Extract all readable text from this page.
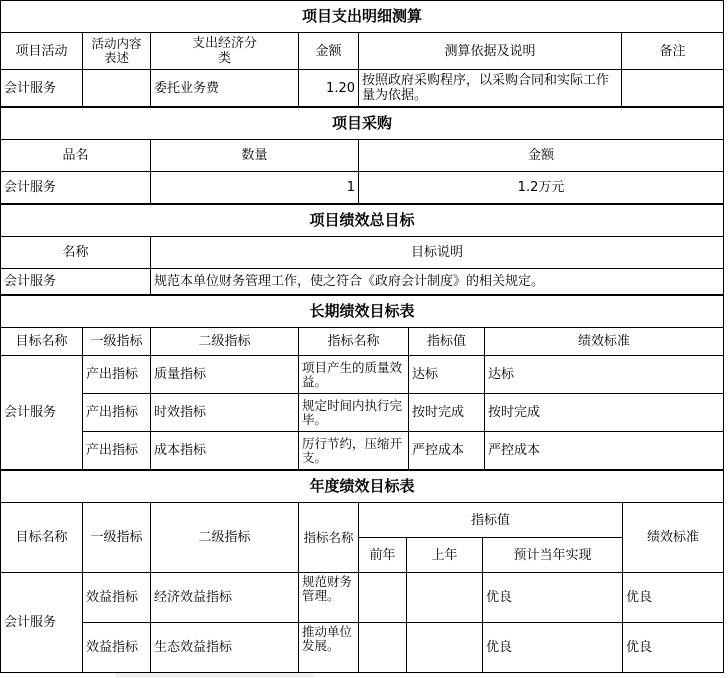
项目支出明细测算					
项目活动	活动内容表述	支出经济分类	金额	测算依据及说明	备注
会计服务		委托业务费	1.20	按照政府采购程序，以采购合同和实际工作量为依据。	
项目采购		
品名	数量	金额
会计服务	1	1.2万元
项目绩效总目标	
名称	目标说明
会计服务	规范本单位财务管理工作，使之符合《政府会计制度》的相关规定。
长期绩效目标表					
目标名称	一级指标	二级指标	指标名称	指标值	绩效标准
会计服务	产出指标	质量指标	项目产生的质量效益。	达标	达标
	产出指标	时效指标	规定时间内执行完毕。	按时完成	按时完成
	产出指标	成本指标	厉行节约，压缩开支。	严控成本	严控成本
年度绩效目标表							
目标名称	一级指标	二级指标	指标名称	指标值			绩效标准
				前年	上年	预计当年实现	
会计服务	效益指标	经济效益指标	规范财务管理。			优良	优良
	效益指标	生态效益指标	推动单位发展。			优良	优良
